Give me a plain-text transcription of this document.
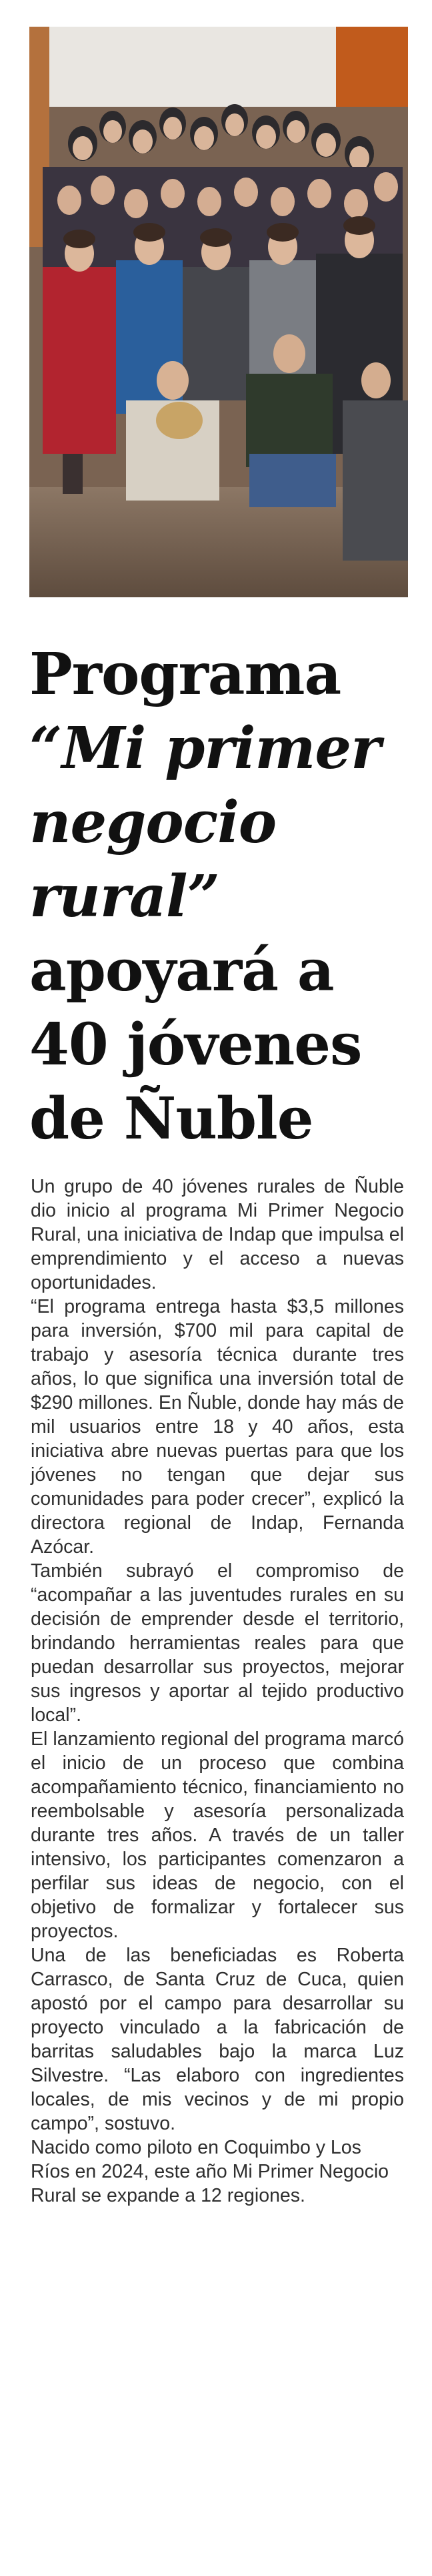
Programa
“Mi primer
negocio
rural”
apoyará a
40 jóvenes
de Ñuble

Un grupo de 40 jóvenes rurales de Ñuble dio inicio al programa Mi Primer Negocio Rural, una iniciativa de Indap que impulsa el emprendimiento y el acceso a nuevas oportunidades.

“El programa entrega hasta $3,5 millones para inversión, $700 mil para capital de trabajo y asesoría técnica durante tres años, lo que significa una inversión total de $290 millones. En Ñuble, donde hay más de mil usuarios entre 18 y 40 años, esta iniciativa abre nuevas puertas para que los jóvenes no tengan que dejar sus comunidades para poder crecer”, explicó la directora regional de Indap, Fernanda Azócar.

También subrayó el compromiso de “acompañar a las juventudes rurales en su decisión de emprender desde el territorio, brindando herramientas reales para que puedan desarrollar sus proyectos, mejorar sus ingresos y aportar al tejido productivo local”.

El lanzamiento regional del programa marcó el inicio de un proceso que combina acompañamiento técnico, financiamiento no reembolsable y asesoría personalizada durante tres años. A través de un taller intensivo, los participantes comenzaron a perfilar sus ideas de negocio, con el objetivo de formalizar y fortalecer sus proyectos.

Una de las beneficiadas es Roberta Carrasco, de Santa Cruz de Cuca, quien apostó por el campo para desarrollar su proyecto vinculado a la fabricación de barritas saludables bajo la marca Luz Silvestre. “Las elaboro con ingredientes locales, de mis vecinos y de mi propio campo”, sostuvo.

Nacido como piloto en Coquimbo y Los Ríos en 2024, este año Mi Primer Negocio Rural se expande a 12 regiones.
